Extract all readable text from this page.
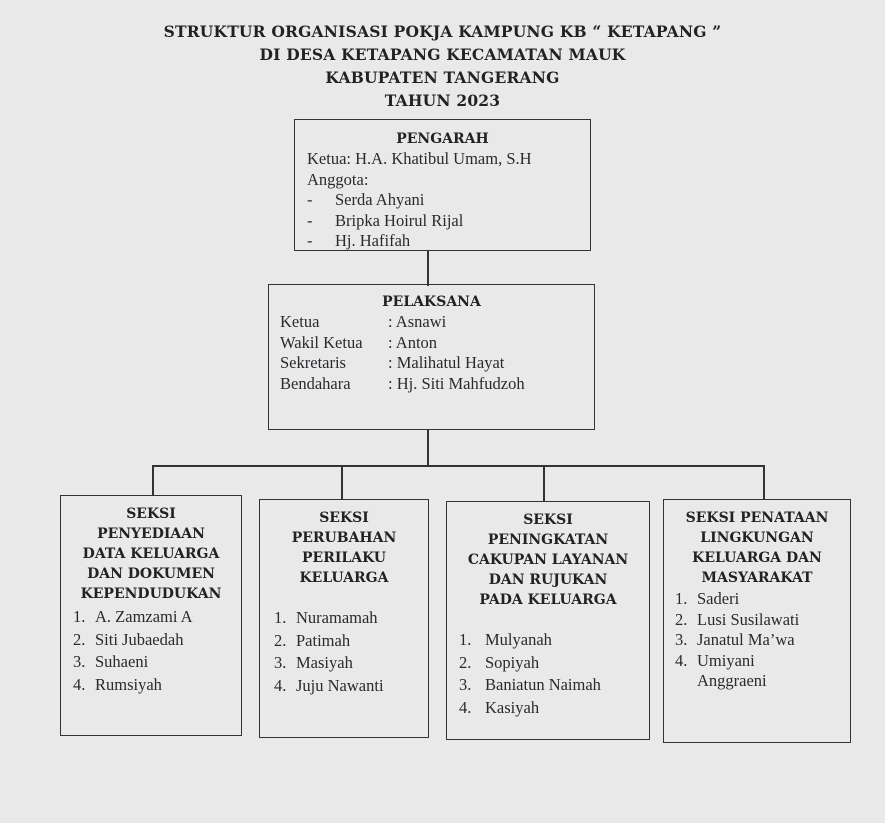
STRUKTUR ORGANISASI POKJA KAMPUNG KB “ KETAPANG ”
DI DESA KETAPANG KECAMATAN MAUK
KABUPATEN TANGERANG
TAHUN 2023
PENGARAH
Ketua: H.A. Khatibul Umam, S.H
Anggota:
- Serda Ahyani
- Bripka Hoirul Rijal
- Hj. Hafifah
PELAKSANA
Ketua	: Asnawi
Wakil Ketua	: Anton
Sekretaris	: Malihatul Hayat
Bendahara	: Hj. Siti Mahfudzoh
SEKSI
PENYEDIAAN
DATA KELUARGA
DAN DOKUMEN
KEPENDUDUKAN
1. A. Zamzami A
2. Siti Jubaedah
3. Suhaeni
4. Rumsiyah
SEKSI
PERUBAHAN
PERILAKU
KELUARGA
1. Nuramamah
2. Patimah
3. Masiyah
4. Juju Nawanti
SEKSI
PENINGKATAN
CAKUPAN LAYANAN
DAN RUJUKAN
PADA KELUARGA
1. Mulyanah
2. Sopiyah
3. Baniatun Naimah
4. Kasiyah
SEKSI PENATAAN
LINGKUNGAN
KELUARGA DAN
MASYARAKAT
1. Saderi
2. Lusi Susilawati
3. Janatul Ma’wa
4. Umiyani
Anggraeni
